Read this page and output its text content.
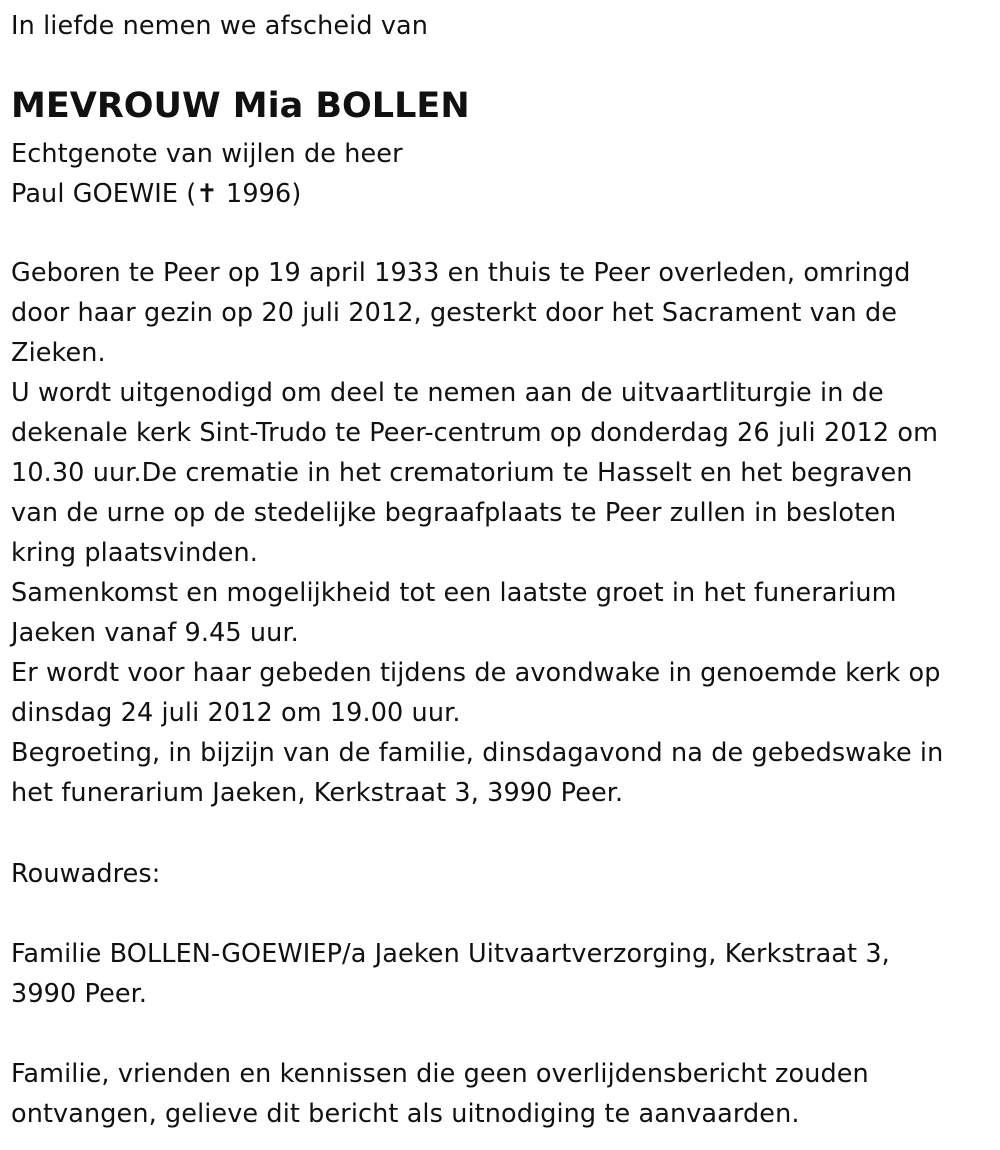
In liefde nemen we afscheid van
MEVROUW Mia BOLLEN
Echtgenote van wijlen de heer
Paul GOEWIE (✝ 1996)
Geboren te Peer op 19 april 1933 en thuis te Peer overleden, omringd
door haar gezin op 20 juli 2012, gesterkt door het Sacrament van de
Zieken.
U wordt uitgenodigd om deel te nemen aan de uitvaartliturgie in de
dekenale kerk Sint-Trudo te Peer-centrum op donderdag 26 juli 2012 om
10.30 uur.De crematie in het crematorium te Hasselt en het begraven
van de urne op de stedelijke begraafplaats te Peer zullen in besloten
kring plaatsvinden.
Samenkomst en mogelijkheid tot een laatste groet in het funerarium
Jaeken vanaf 9.45 uur.
Er wordt voor haar gebeden tijdens de avondwake in genoemde kerk op
dinsdag 24 juli 2012 om 19.00 uur.
Begroeting, in bijzijn van de familie, dinsdagavond na de gebedswake in
het funerarium Jaeken, Kerkstraat 3, 3990 Peer.
Rouwadres:
Familie BOLLEN-GOEWIEP/a Jaeken Uitvaartverzorging, Kerkstraat 3,
3990 Peer.
Familie, vrienden en kennissen die geen overlijdensbericht zouden
ontvangen, gelieve dit bericht als uitnodiging te aanvaarden.
